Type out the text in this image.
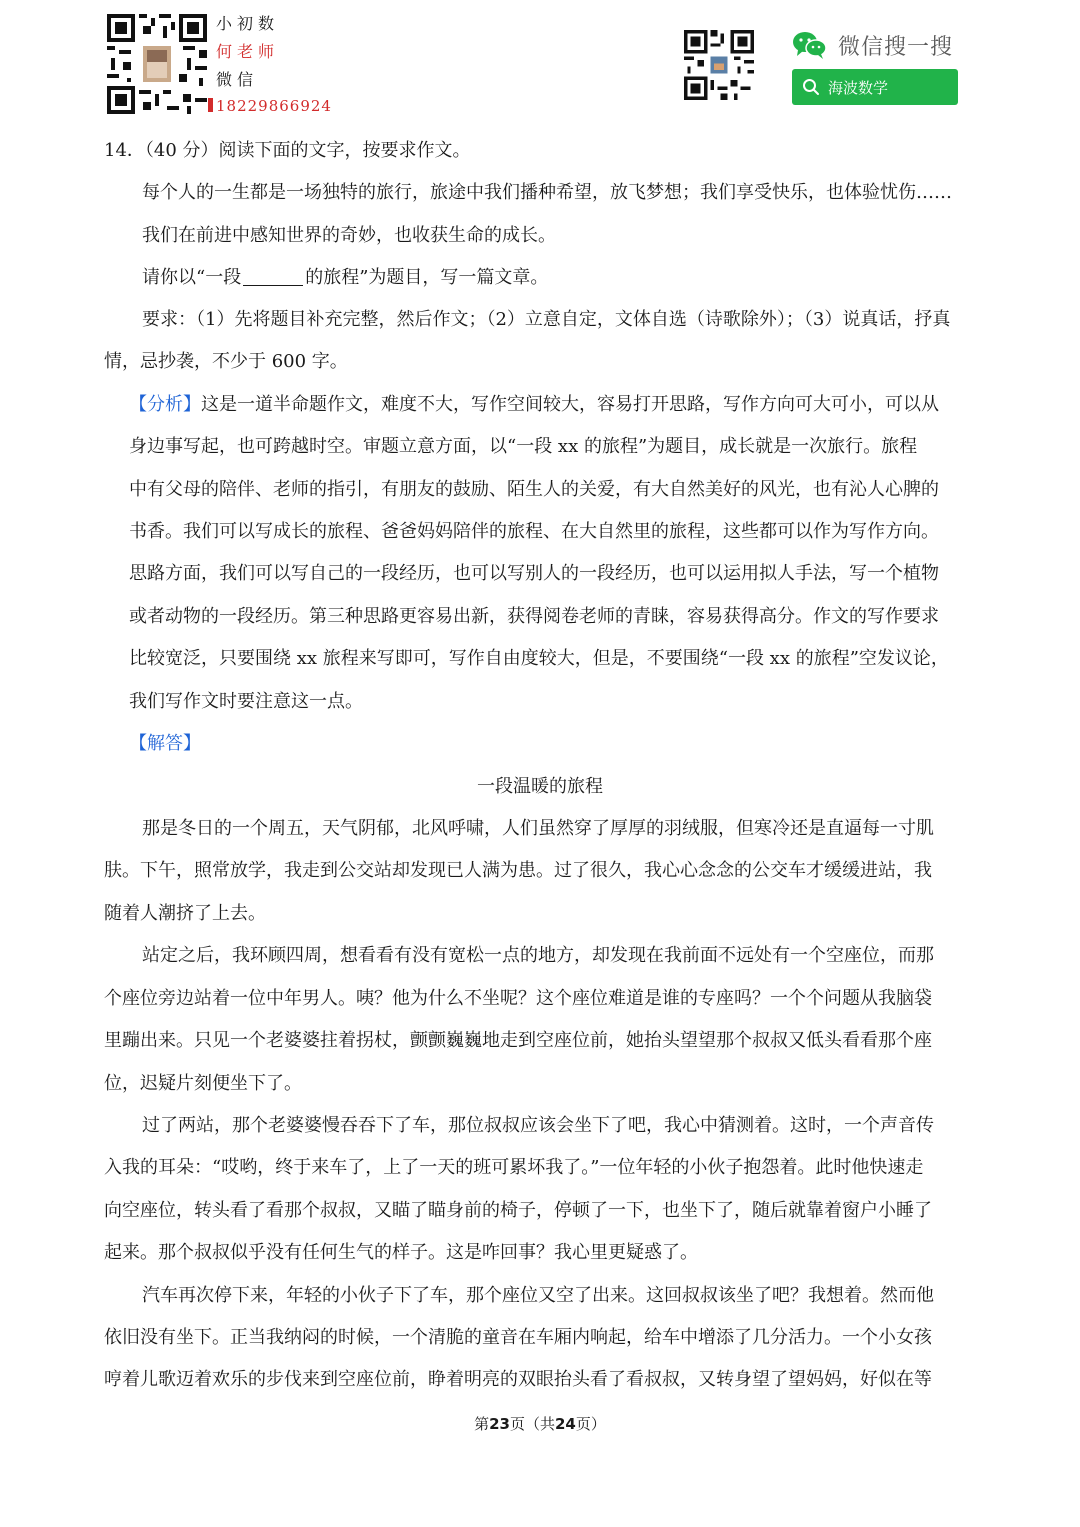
小初数
何老师
微信
18229866924
微信搜一搜
海波数学
14．（40 分）阅读下面的文字，按要求作文。
每个人的一生都是一场独特的旅行，旅途中我们播种希望，放飞梦想；我们享受快乐，也体验忧伤……
我们在前进中感知世界的奇妙，也收获生命的成长。
请你以“一段	的旅程”为题目，写一篇文章。
要求：（1）先将题目补充完整，然后作文；（2）立意自定，文体自选（诗歌除外）；（3）说真话，抒真
情，忌抄袭，不少于 600 字。
【分析】这是一道半命题作文，难度不大，写作空间较大，容易打开思路，写作方向可大可小，可以从
身边事写起，也可跨越时空。审题立意方面，以“一段 xx 的旅程”为题目，成长就是一次旅行。旅程
中有父母的陪伴、老师的指引，有朋友的鼓励、陌生人的关爱，有大自然美好的风光，也有沁人心脾的
书香。我们可以写成长的旅程、爸爸妈妈陪伴的旅程、在大自然里的旅程，这些都可以作为写作方向。
思路方面，我们可以写自己的一段经历，也可以写别人的一段经历，也可以运用拟人手法，写一个植物
或者动物的一段经历。第三种思路更容易出新，获得阅卷老师的青睐，容易获得高分。作文的写作要求
比较宽泛，只要围绕 xx 旅程来写即可，写作自由度较大，但是，不要围绕“一段 xx 的旅程”空发议论，
我们写作文时要注意这一点。
【解答】
一段温暖的旅程
那是冬日的一个周五，天气阴郁，北风呼啸，人们虽然穿了厚厚的羽绒服，但寒冷还是直逼每一寸肌
肤。下午，照常放学，我走到公交站却发现已人满为患。过了很久，我心心念念的公交车才缓缓进站，我
随着人潮挤了上去。
站定之后，我环顾四周，想看看有没有宽松一点的地方，却发现在我前面不远处有一个空座位，而那
个座位旁边站着一位中年男人。咦？他为什么不坐呢？这个座位难道是谁的专座吗？一个个问题从我脑袋
里蹦出来。只见一个老婆婆拄着拐杖，颤颤巍巍地走到空座位前，她抬头望望那个叔叔又低头看看那个座
位，迟疑片刻便坐下了。
过了两站，那个老婆婆慢吞吞下了车，那位叔叔应该会坐下了吧，我心中猜测着。这时，一个声音传
入我的耳朵：“哎哟，终于来车了，上了一天的班可累坏我了。”一位年轻的小伙子抱怨着。此时他快速走
向空座位，转头看了看那个叔叔，又瞄了瞄身前的椅子，停顿了一下，也坐下了，随后就靠着窗户小睡了
起来。那个叔叔似乎没有任何生气的样子。这是咋回事？我心里更疑惑了。
汽车再次停下来，年轻的小伙子下了车，那个座位又空了出来。这回叔叔该坐了吧？我想着。然而他
依旧没有坐下。正当我纳闷的时候，一个清脆的童音在车厢内响起，给车中增添了几分活力。一个小女孩
哼着儿歌迈着欢乐的步伐来到空座位前，睁着明亮的双眼抬头看了看叔叔，又转身望了望妈妈，好似在等
第23页（共24页）
